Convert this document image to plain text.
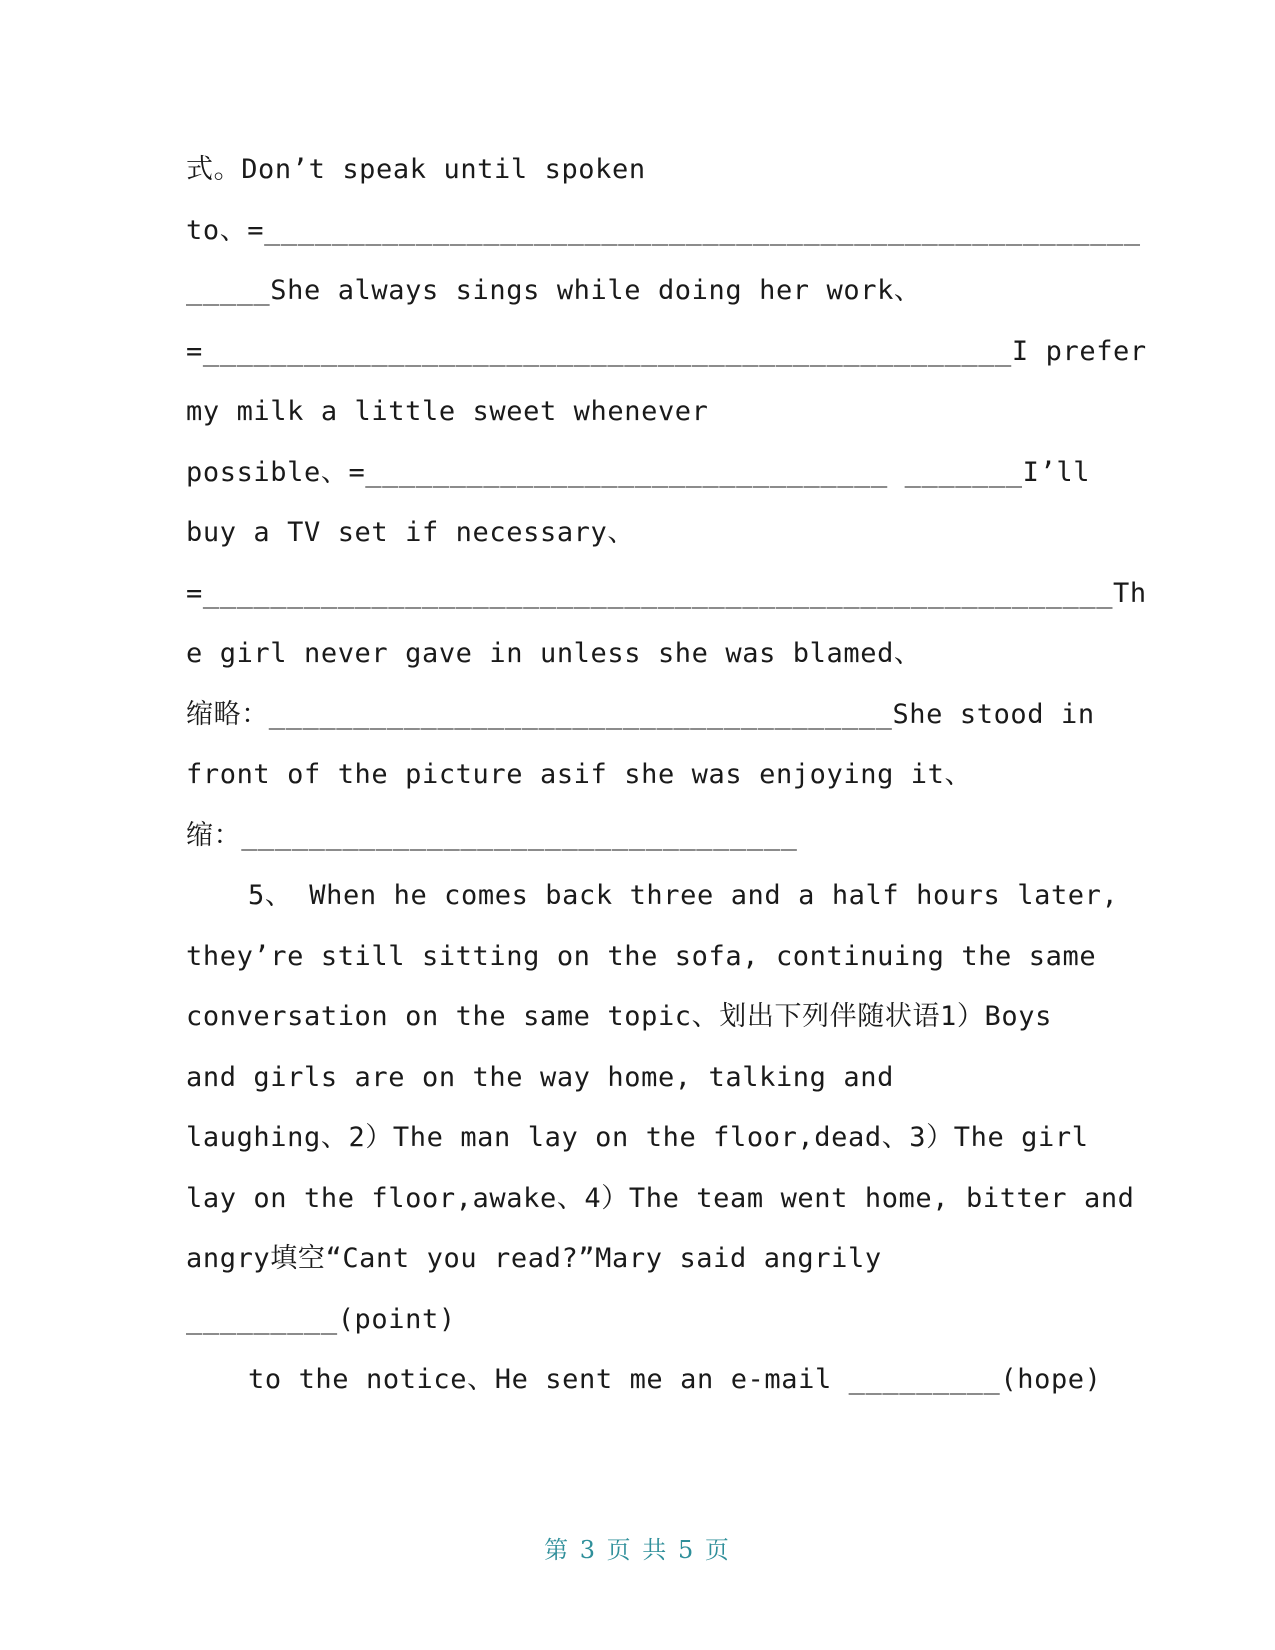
式。Don’t speak until spoken
to、=____________________________________________________
_____She always sings while doing her work、
=________________________________________________I prefer
my milk a little sweet whenever
possible、=_______________________________ _______I’ll
buy a TV set if necessary、
=______________________________________________________Th
e girl never gave in unless she was blamed、
缩略：_____________________________________She stood in
front of the picture asif she was enjoying it、
缩：_________________________________
5、 When he comes back three and a half hours later,
they’re still sitting on the sofa, continuing the same
conversation on the same topic、划出下列伴随状语1）Boys
and girls are on the way home, talking and
laughing、2）The man lay on the floor,dead、3）The girl
lay on the floor,awake、4）The team went home, bitter and
angry填空“Cant you read?”Mary said angrily
_________(point)
to the notice、He sent me an e-mail _________(hope)
第 3 页 共 5 页
